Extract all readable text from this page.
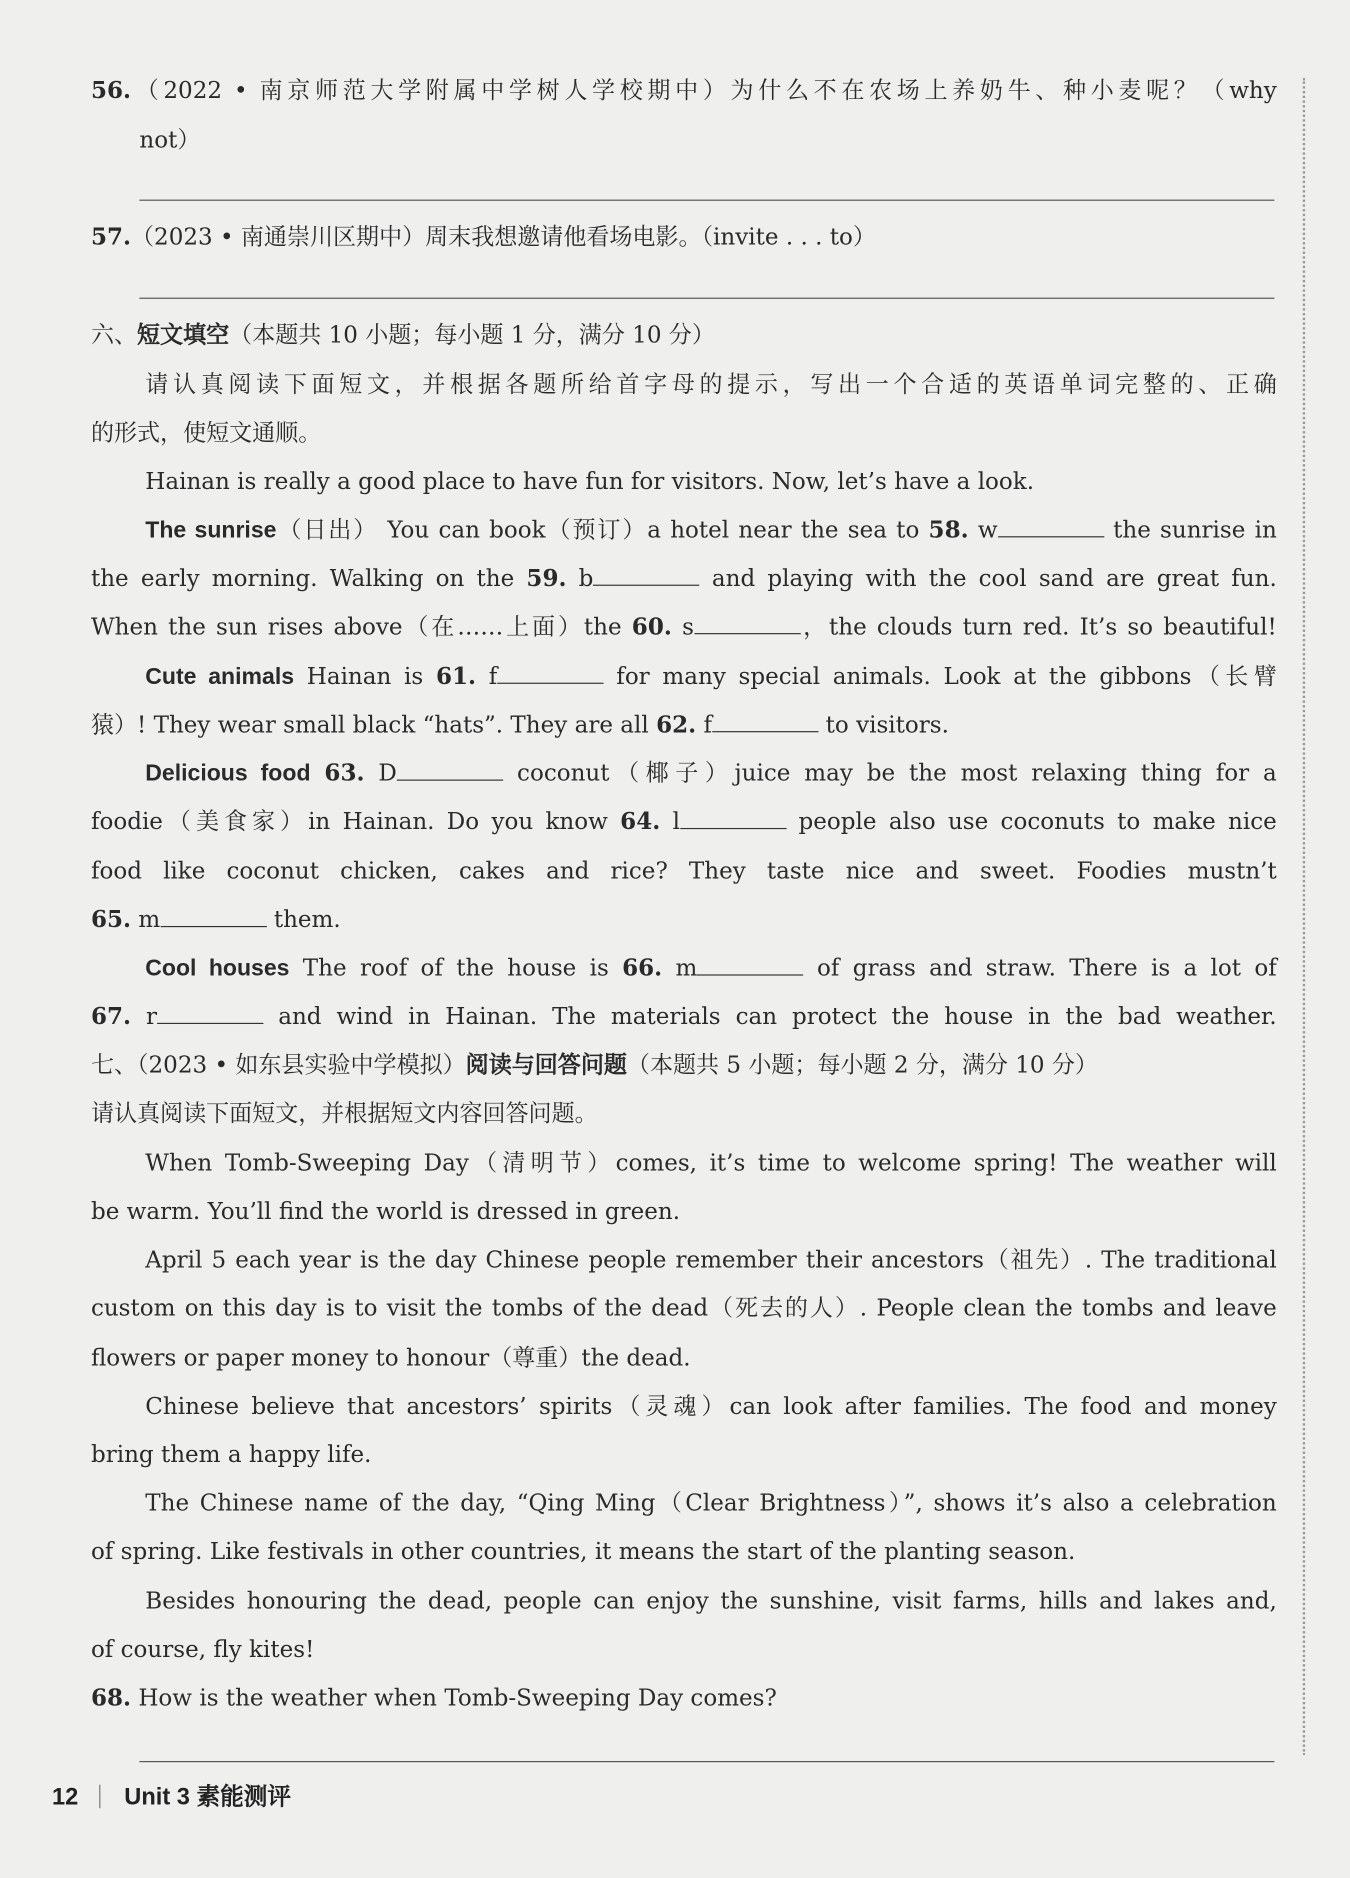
56.（2022 • 南京师范大学附属中学树人学校期中）为什么不在农场上养奶牛、种小麦呢？（why
not）
57.（2023 • 南通崇川区期中）周末我想邀请他看场电影。（invite . . . to）
六、短文填空（本题共 10 小题；每小题 1 分，满分 10 分）
请认真阅读下面短文，并根据各题所给首字母的提示，写出一个合适的英语单词完整的、正确
的形式，使短文通顺。
Hainan is really a good place to have fun for visitors. Now, let’s have a look.
The sunrise（日出） You can book（预订）a hotel near the sea to 58. w	the sunrise in
the early morning. Walking on the 59. b	and playing with the cool sand are great fun.
When the sun rises above（在……上面）the 60. s	，the clouds turn red. It’s so beautiful!
Cute animals Hainan is 61. f	for many special animals. Look at the gibbons（长臂
猿）! They wear small black “hats”. They are all 62. f	to visitors.
Delicious food 63. D	coconut（椰子）juice may be the most relaxing thing for a
foodie（美食家）in Hainan. Do you know 64. l	people also use coconuts to make nice
food like coconut chicken, cakes and rice? They taste nice and sweet. Foodies mustn’t
65. m	them.
Cool houses The roof of the house is 66. m	of grass and straw. There is a lot of
67. r	and wind in Hainan. The materials can protect the house in the bad weather.
七、（2023 • 如东县实验中学模拟）阅读与回答问题（本题共 5 小题；每小题 2 分，满分 10 分）
请认真阅读下面短文，并根据短文内容回答问题。
When Tomb-Sweeping Day（清明节）comes, it’s time to welcome spring! The weather will
be warm. You’ll find the world is dressed in green.
April 5 each year is the day Chinese people remember their ancestors（祖先）. The traditional
custom on this day is to visit the tombs of the dead（死去的人）. People clean the tombs and leave
flowers or paper money to honour（尊重）the dead.
Chinese believe that ancestors’ spirits（灵魂）can look after families. The food and money
bring them a happy life.
The Chinese name of the day, “Qing Ming（Clear Brightness）”, shows it’s also a celebration
of spring. Like festivals in other countries, it means the start of the planting season.
Besides honouring the dead, people can enjoy the sunshine, visit farms, hills and lakes and,
of course, fly kites!
68. How is the weather when Tomb-Sweeping Day comes?
12 Unit 3 素能测评
